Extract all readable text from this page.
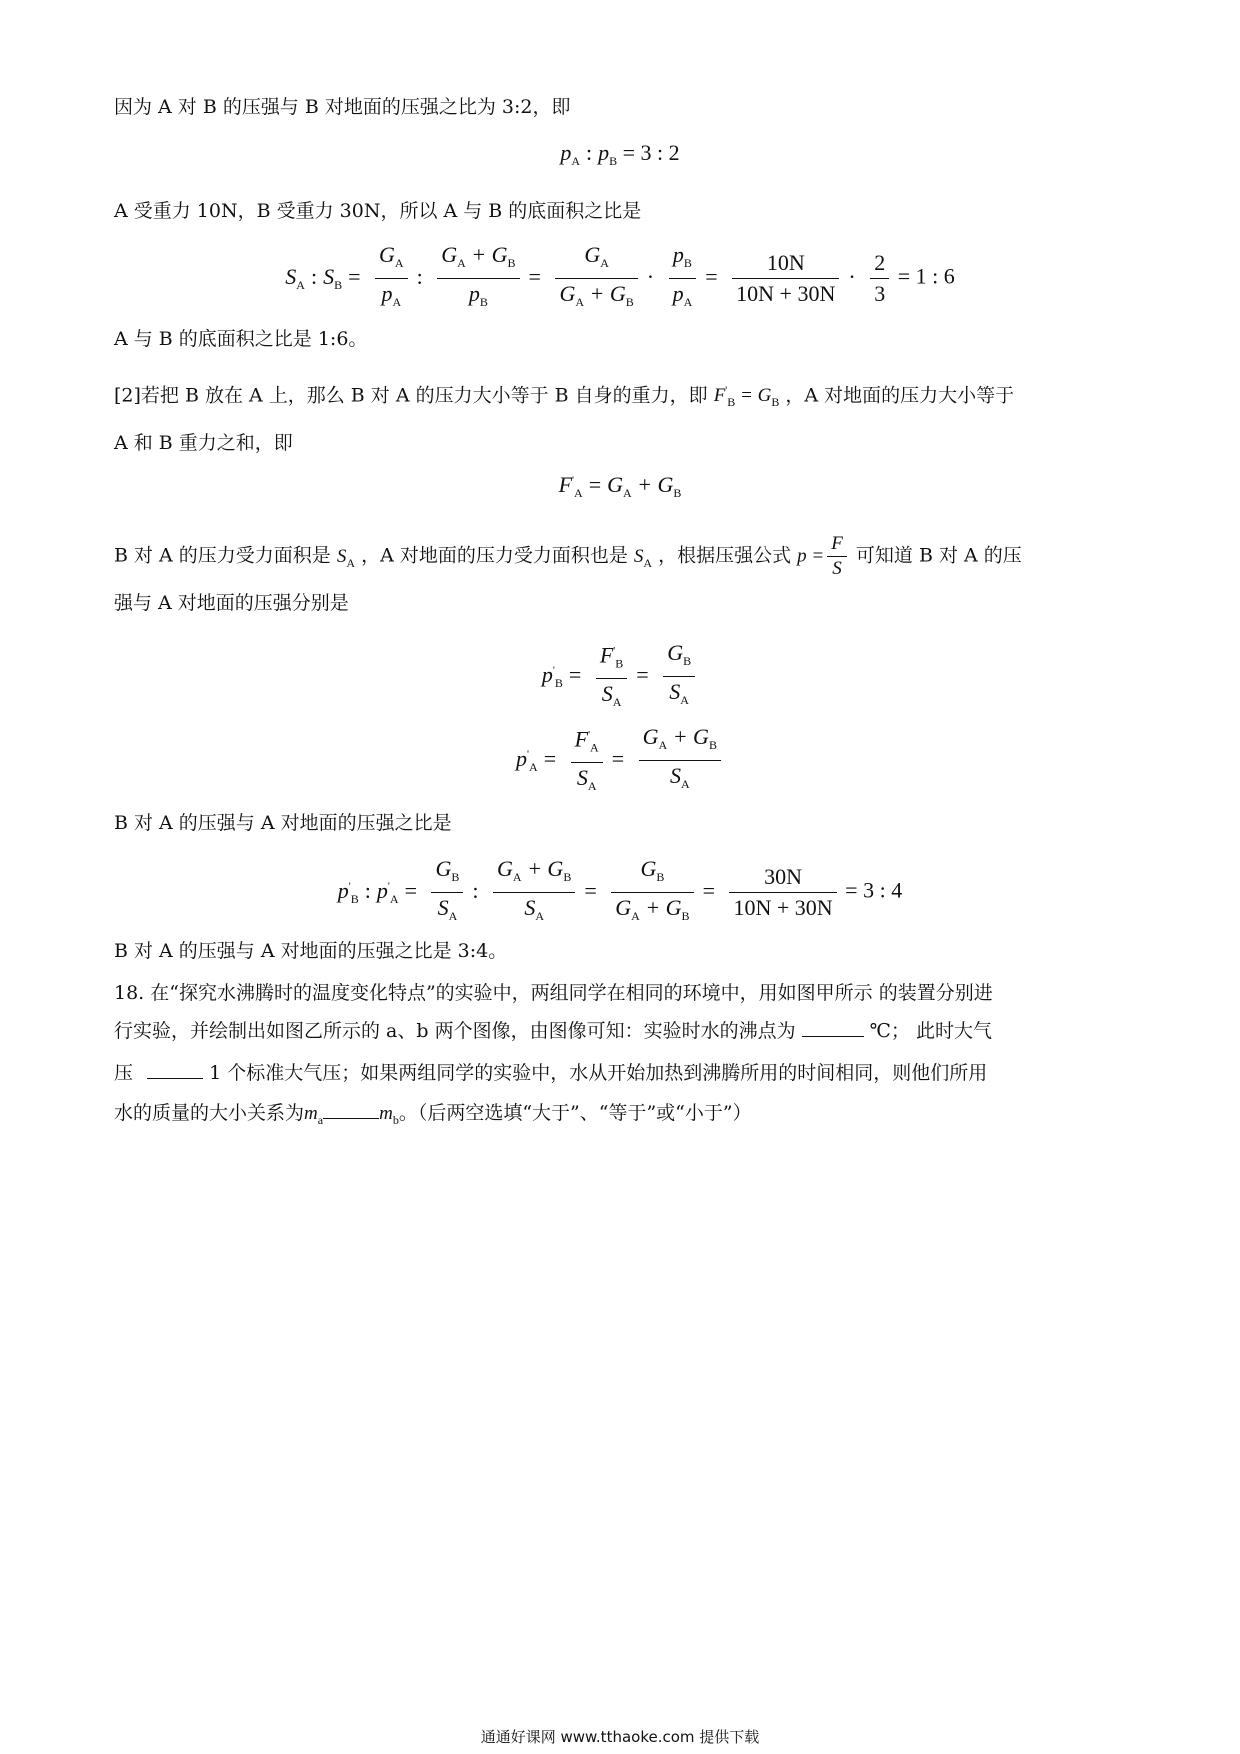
因为 A 对 B 的压强与 B 对地面的压强之比为 3:2，即
$p_A$ : $p_B = 3$ : 2
A 受重力 10N，B 受重力 30N，所以 A 与 B 的底面积之比是
$S_A$ : $S_B = \frac{G_A}{p_A}$ : $\frac{G_A + G_B}{p_B} = \frac{G_A}{G_A + G_B} \cdot \frac{p_B}{p_A} = \frac{10N}{10N + 30N} \cdot \frac{2}{3} = 1$ : 6
A 与 B 的底面积之比是 1:6。
[2]若把 B 放在 A 上，那么 B 对 A 的压力大小等于 B 自身的重力，即 $F'_B = G_B$ ，A 对地面的压力大小等于
A 和 B 重力之和，即
$F'_A = G_A + G_B$
B 对 A 的压力受力面积是 $S_A$ ，A 对地面的压力受力面积也是 $S_A$ ，根据压强公式 $p = \frac{F}{S}$ 可知道 B 对 A 的压
强与 A 对地面的压强分别是
$p'_B = \frac{F'_B}{S_A} = \frac{G_B}{S_A}$
$p'_A = \frac{F'_A}{S_A} = \frac{G_A + G_B}{S_A}$
B 对 A 的压强与 A 对地面的压强之比是
$p'_B$ : $p'_A = \frac{G_B}{S_A}$ : $\frac{G_A + G_B}{S_A} = \frac{G_B}{G_A + G_B} = \frac{30N}{10N + 30N} = 3$ : 4
B 对 A 的压强与 A 对地面的压强之比是 3:4。
18. 在“探究水沸腾时的温度变化特点”的实验中，两组同学在相同的环境中，用如图甲所示 的装置分别进
行实验，并绘制出如图乙所示的 a、b 两个图像，由图像可知：实验时水的沸点为	℃； 此时大气
压	1 个标准大气压；如果两组同学的实验中，水从开始加热到沸腾所用的时间相同，则他们所用
水的质量的大小关系为$m_a$	$m_b$。（后两空选填“大于”、“等于”或“小于”）
通通好课网 www.tthaoke.com 提供下载
